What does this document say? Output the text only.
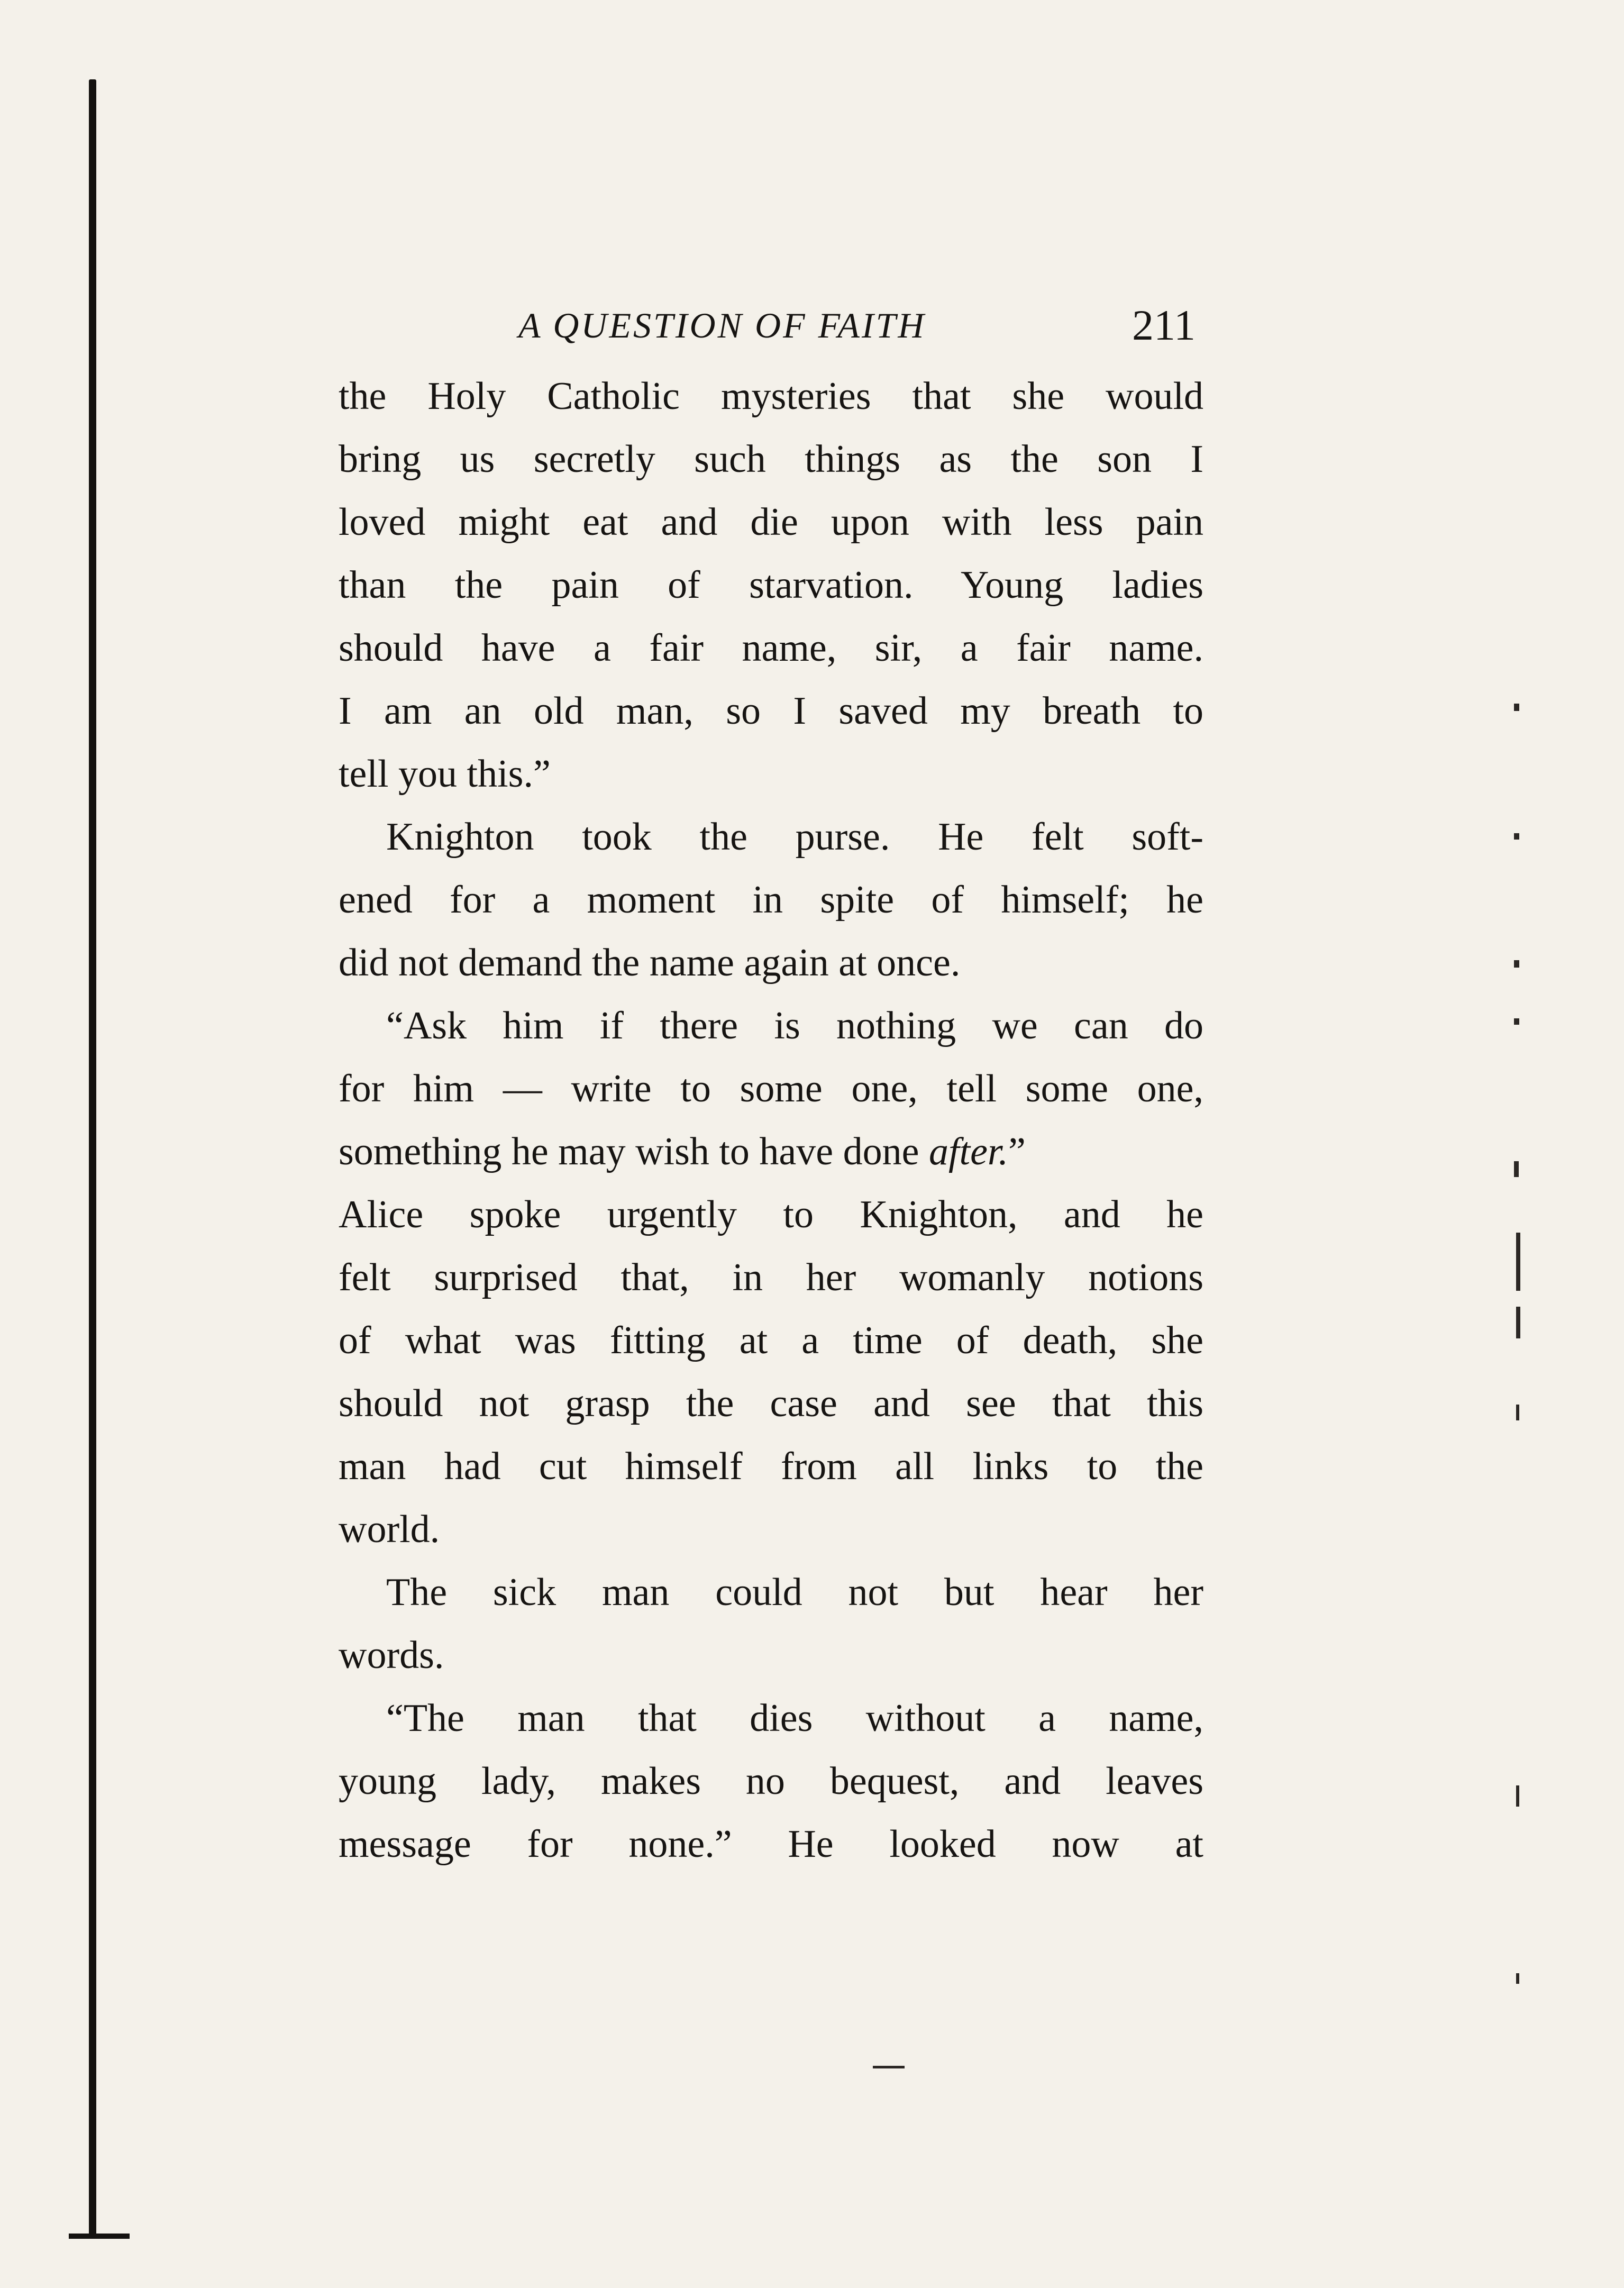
A QUESTION OF FAITH	211
the Holy Catholic mysteries that she would
bring us secretly such things as the son I
loved might eat and die upon with less pain
than the pain of starvation. Young ladies
should have a fair name, sir, a fair name.
I am an old man, so I saved my breath to
tell you this.”
Knighton took the purse. He felt soft-
ened for a moment in spite of himself; he
did not demand the name again at once.
“Ask him if there is nothing we can do
for him — write to some one, tell some one,
something he may wish to have done after.”
Alice spoke urgently to Knighton, and he
felt surprised that, in her womanly notions
of what was fitting at a time of death, she
should not grasp the case and see that this
man had cut himself from all links to the
world.
The sick man could not but hear her
words.
“The man that dies without a name,
young lady, makes no bequest, and leaves
message for none.” He looked now at
